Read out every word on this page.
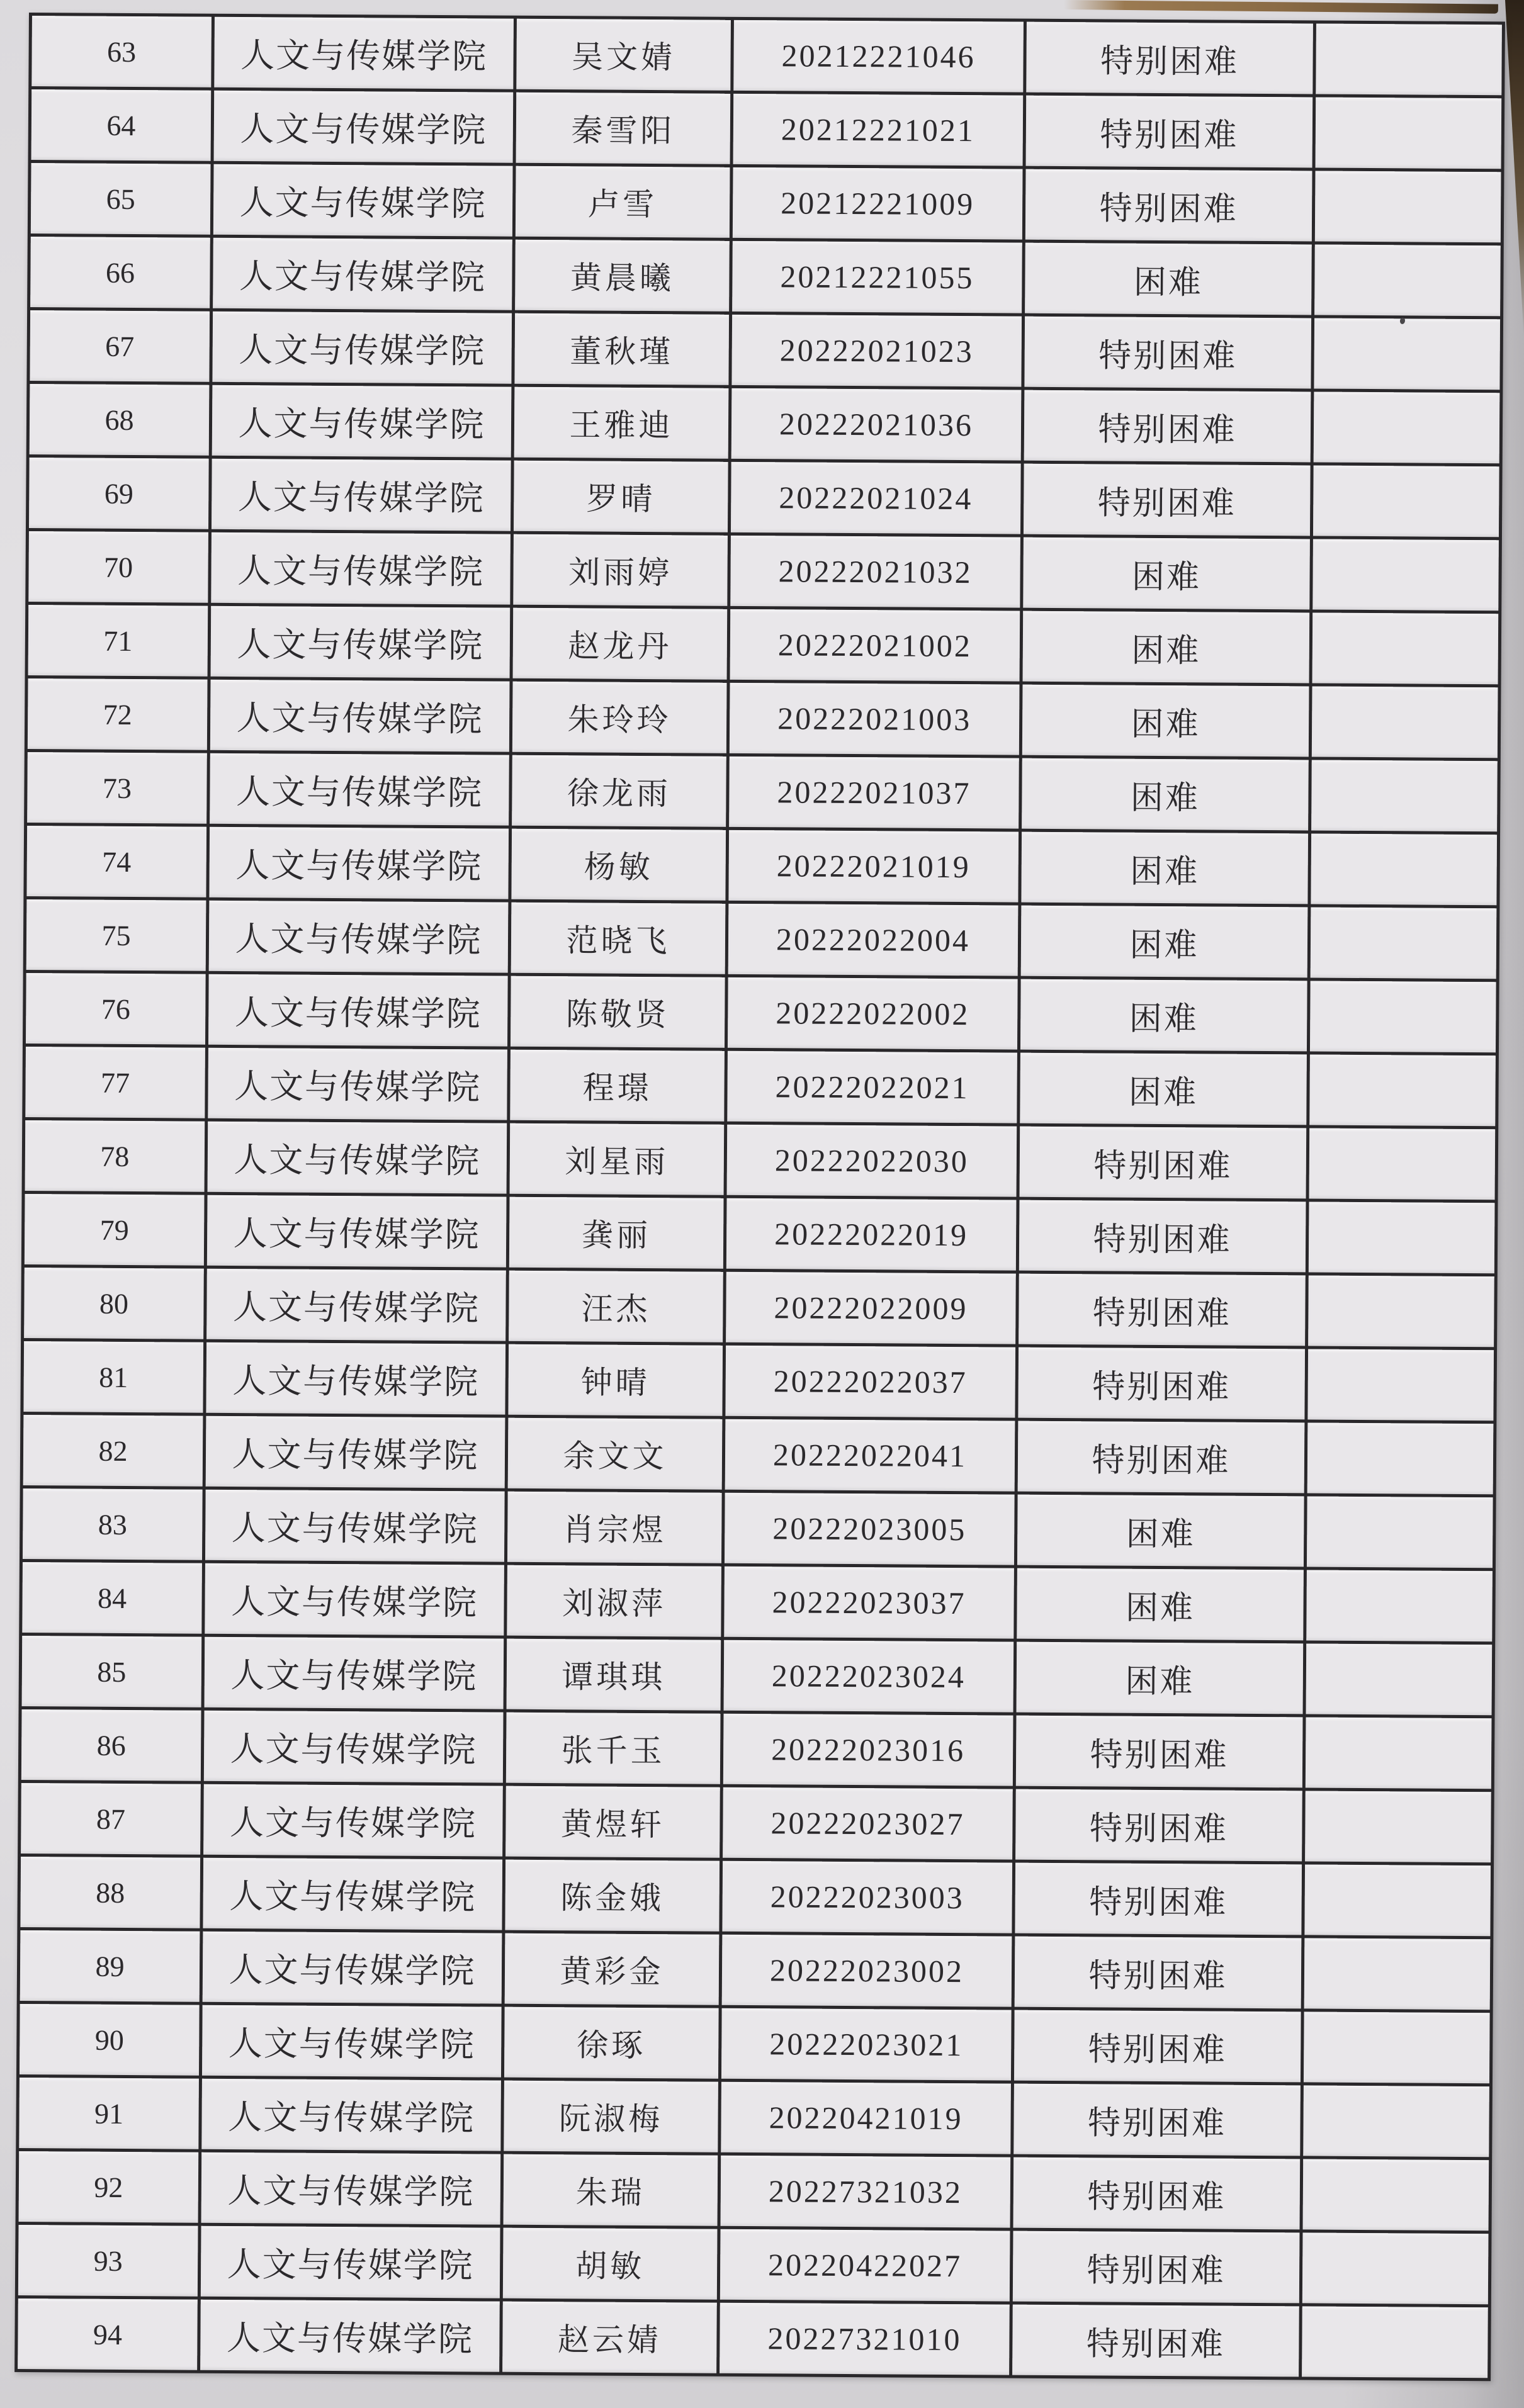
63	人文与传媒学院	吴文婧	20212221046	特别困难
64	人文与传媒学院	秦雪阳	20212221021	特别困难
65	人文与传媒学院	卢雪	20212221009	特别困难
66	人文与传媒学院	黄晨曦	20212221055	困难
67	人文与传媒学院	董秋瑾	20222021023	特别困难
68	人文与传媒学院	王雅迪	20222021036	特别困难
69	人文与传媒学院	罗晴	20222021024	特别困难
70	人文与传媒学院	刘雨婷	20222021032	困难
71	人文与传媒学院	赵龙丹	20222021002	困难
72	人文与传媒学院	朱玲玲	20222021003	困难
73	人文与传媒学院	徐龙雨	20222021037	困难
74	人文与传媒学院	杨敏	20222021019	困难
75	人文与传媒学院	范晓飞	20222022004	困难
76	人文与传媒学院	陈敬贤	20222022002	困难
77	人文与传媒学院	程璟	20222022021	困难
78	人文与传媒学院	刘星雨	20222022030	特别困难
79	人文与传媒学院	龚丽	20222022019	特别困难
80	人文与传媒学院	汪杰	20222022009	特别困难
81	人文与传媒学院	钟晴	20222022037	特别困难
82	人文与传媒学院	余文文	20222022041	特别困难
83	人文与传媒学院	肖宗煜	20222023005	困难
84	人文与传媒学院	刘淑萍	20222023037	困难
85	人文与传媒学院	谭琪琪	20222023024	困难
86	人文与传媒学院	张千玉	20222023016	特别困难
87	人文与传媒学院	黄煜轩	20222023027	特别困难
88	人文与传媒学院	陈金娥	20222023003	特别困难
89	人文与传媒学院	黄彩金	20222023002	特别困难
90	人文与传媒学院	徐琢	20222023021	特别困难
91	人文与传媒学院	阮淑梅	20220421019	特别困难
92	人文与传媒学院	朱瑞	20227321032	特别困难
93	人文与传媒学院	胡敏	20220422027	特别困难
94	人文与传媒学院	赵云婧	20227321010	特别困难
